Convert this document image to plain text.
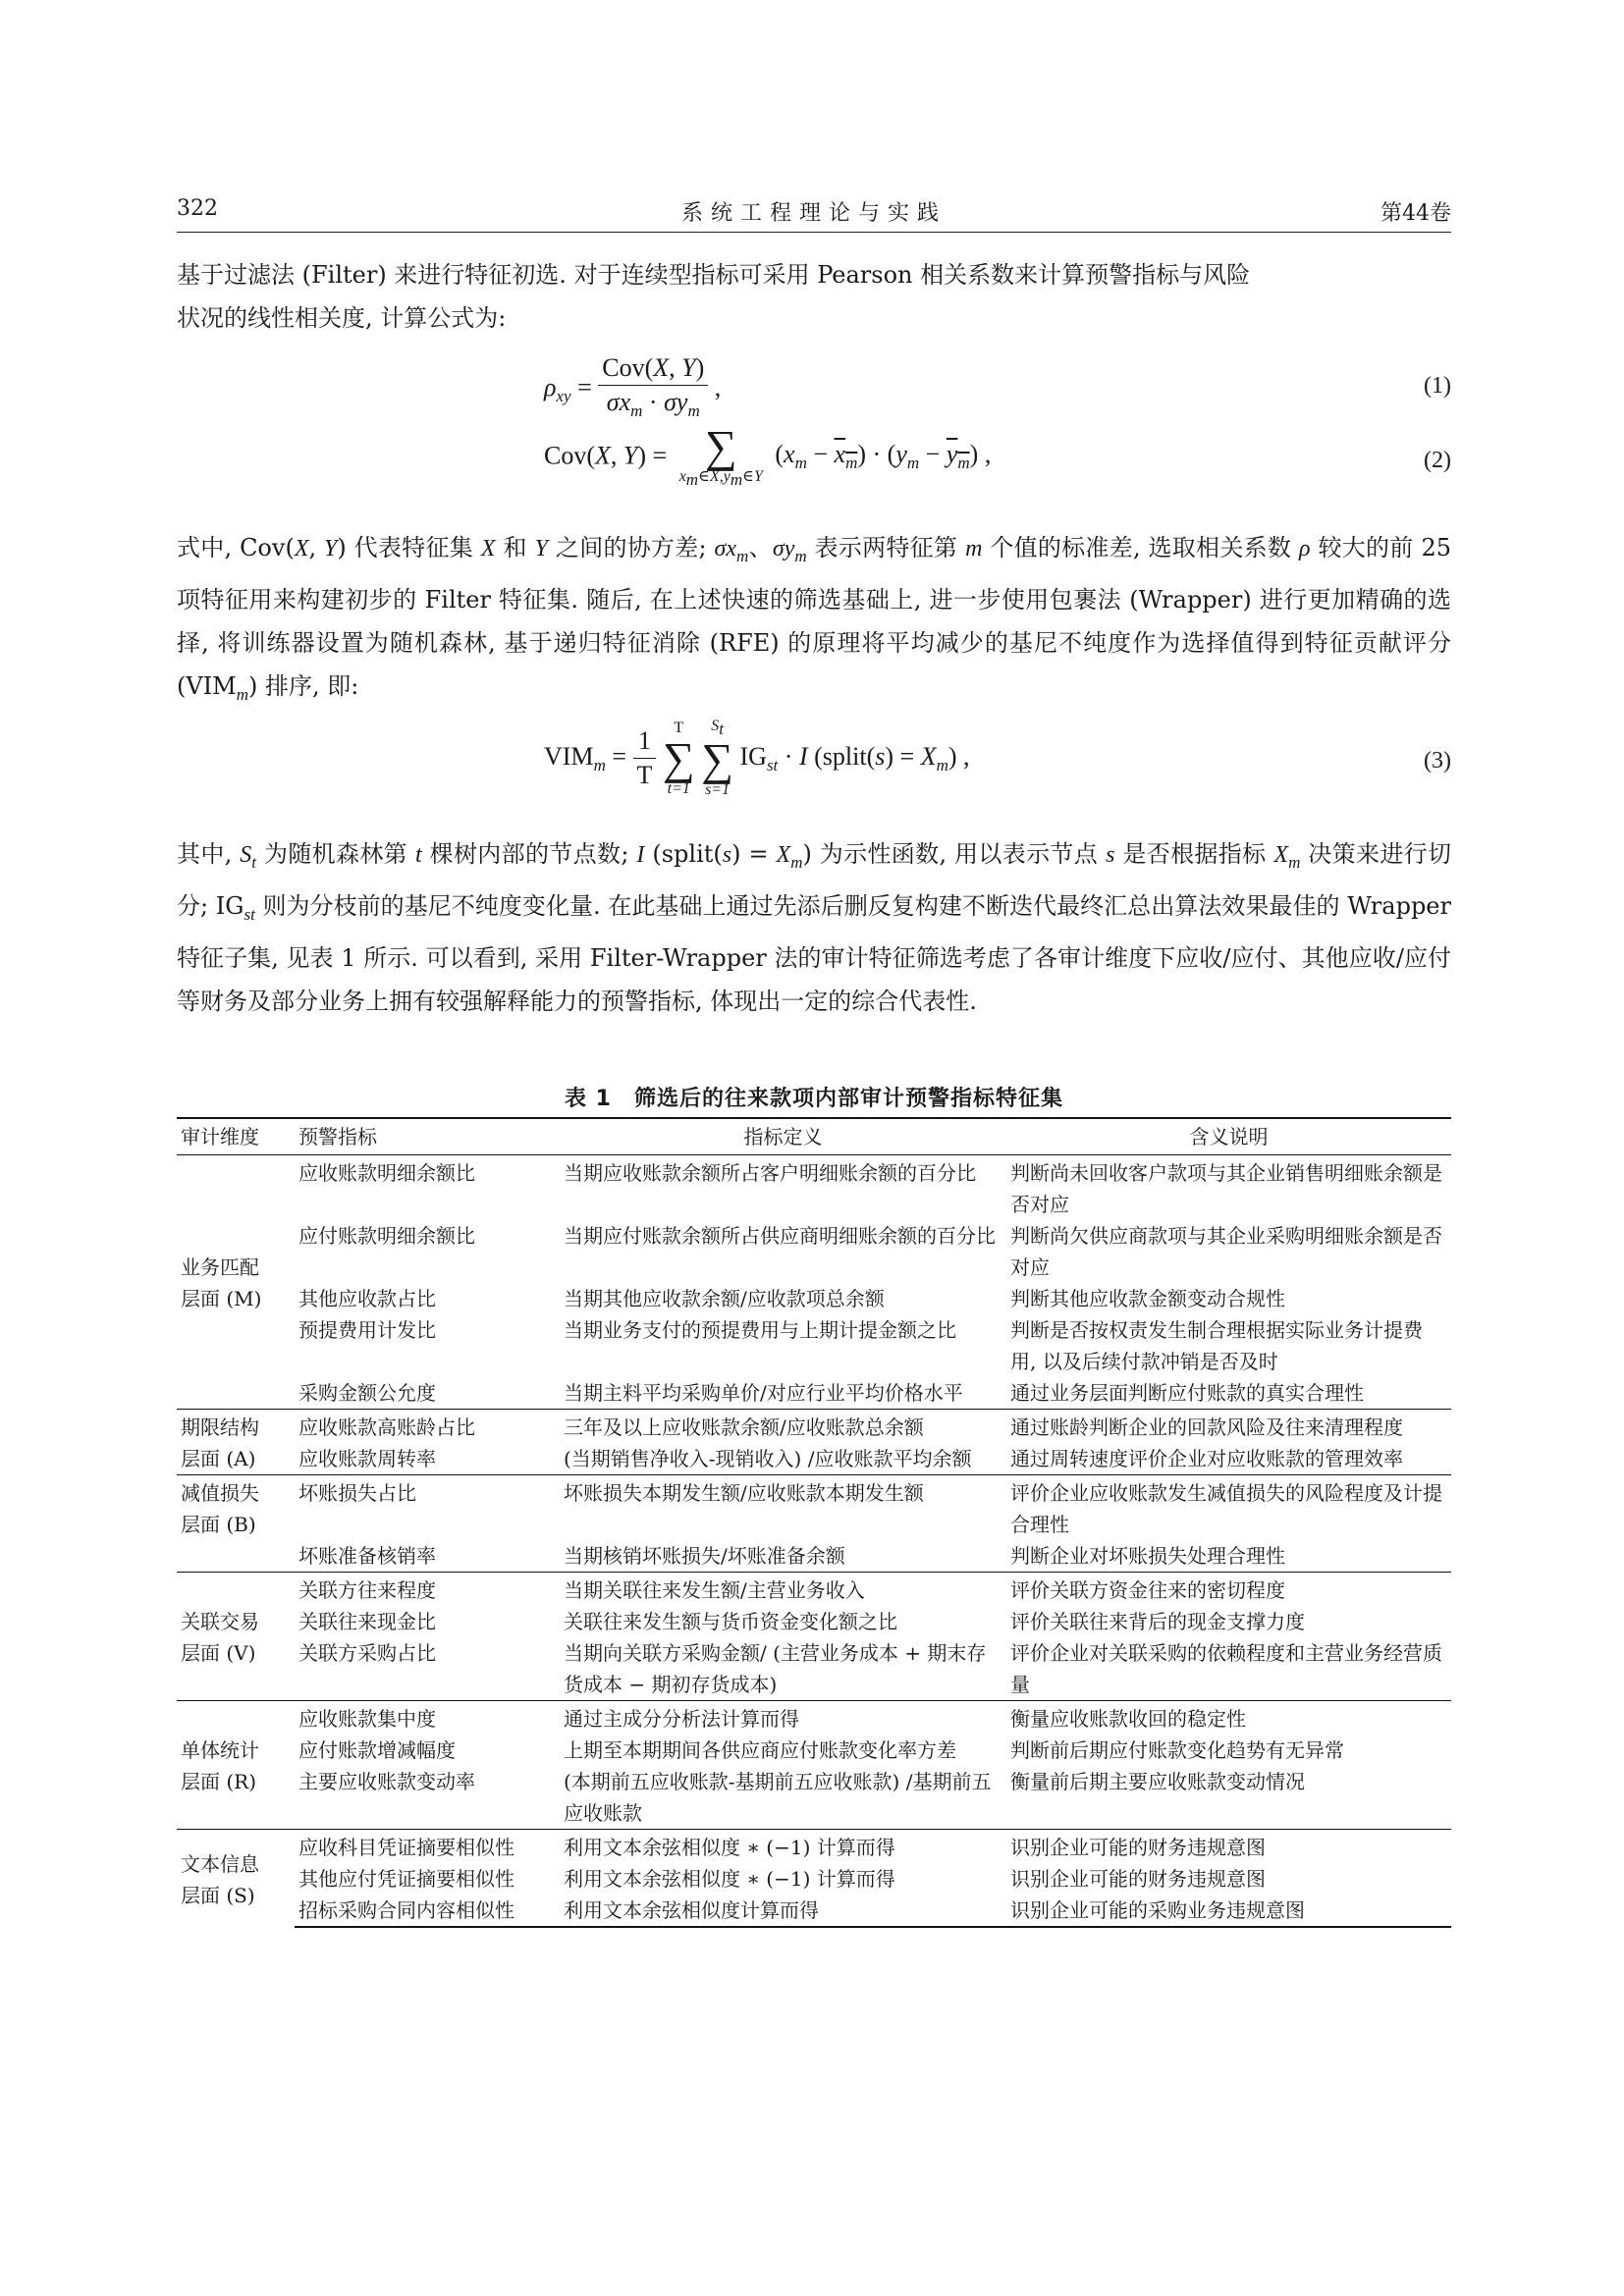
322	系统工程理论与实践	第44卷

基于过滤法 (Filter) 来进行特征初选. 对于连续型指标可采用 Pearson 相关系数来计算预警指标与风险
状况的线性相关度, 计算公式为:

$\rho_{xy} = \frac{\text{Cov(X, Y)}}{\sigma x_m \cdot \sigma y_m}$ ,	(1)
Cov(X, Y) = ∑
$x_m\in X,y_m\in Y$
$(x_m - x_m) \cdot (y_m - y_m)$ ,	(2)

式中, Cov(X, Y) 代表特征集 X 和 Y 之间的协方差; $\sigma x_m$、$\sigma y_m$ 表示两特征第 m 个值的标准差, 选取相关系数 ρ 较大的前 25 项特征用来构建初步的 Filter 特征集. 随后, 在上述快速的筛选基础上, 进一步使用包裹法 (Wrapper) 进行更加精确的选择, 将训练器设置为随机森林, 基于递归特征消除 (RFE) 的原理将平均减少的基尼不纯度作为选择值得到特征贡献评分 $(VIM_m)$ 排序, 即:

$VIM_m = \frac{1}{T}$
	T
∑
t=1

$S_t$
∑
s=1
$IG_{st} \cdot I$ (split(s) = $X_m$) ,	(3)

其中, $S_t$ 为随机森林第 t 棵树内部的节点数; I (split(s) = $X_m$) 为示性函数, 用以表示节点 s 是否根据指标 $X_m$ 决策来进行切分; $IG_{st}$ 则为分枝前的基尼不纯度变化量. 在此基础上通过先添后删反复构建不断迭代最终汇总出算法效果最佳的 Wrapper 特征子集, 见表 1 所示. 可以看到, 采用 Filter-Wrapper 法的审计特征筛选考虑了各审计维度下应收/应付、其他应收/应付等财务及部分业务上拥有较强解释能力的预警指标, 体现出一定的综合代表性.

表 1　筛选后的往来款项内部审计预警指标特征集
审计维度	预警指标	指标定义	含义说明
业务匹配
层面 (M)	应收账款明细余额比	当期应收账款余额所占客户明细账余额的百分比	判断尚未回收客户款项与其企业销售明细账余额是否对应
	应付账款明细余额比	当期应付账款余额所占供应商明细账余额的百分比	判断尚欠供应商款项与其企业采购明细账余额是否对应
	其他应收款占比	当期其他应收款余额/应收款项总余额	判断其他应收款金额变动合规性
	预提费用计发比	当期业务支付的预提费用与上期计提金额之比	判断是否按权责发生制合理根据实际业务计提费用, 以及后续付款冲销是否及时
	采购金额公允度	当期主料平均采购单价/对应行业平均价格水平	通过业务层面判断应付账款的真实合理性
期限结构
层面 (A)	应收账款高账龄占比	三年及以上应收账款余额/应收账款总余额	通过账龄判断企业的回款风险及往来清理程度
	应收账款周转率	(当期销售净收入-现销收入) /应收账款平均余额	通过周转速度评价企业对应收账款的管理效率
减值损失
层面 (B)	坏账损失占比	坏账损失本期发生额/应收账款本期发生额	评价企业应收账款发生减值损失的风险程度及计提合理性
	坏账准备核销率	当期核销坏账损失/坏账准备余额	判断企业对坏账损失处理合理性
关联交易
层面 (V)	关联方往来程度	当期关联往来发生额/主营业务收入	评价关联方资金往来的密切程度
	关联往来现金比	关联往来发生额与货币资金变化额之比	评价关联往来背后的现金支撑力度
	关联方采购占比	当期向关联方采购金额/ (主营业务成本 + 期末存货成本 − 期初存货成本)	评价企业对关联采购的依赖程度和主营业务经营质量
单体统计
层面 (R)	应收账款集中度	通过主成分分析法计算而得	衡量应收账款收回的稳定性
	应付账款增减幅度	上期至本期期间各供应商应付账款变化率方差	判断前后期应付账款变化趋势有无异常
	主要应收账款变动率	(本期前五应收账款-基期前五应收账款) /基期前五应收账款	衡量前后期主要应收账款变动情况
文本信息
层面 (S)	应收科目凭证摘要相似性	利用文本余弦相似度 ∗ (−1) 计算而得	识别企业可能的财务违规意图
	其他应付凭证摘要相似性	利用文本余弦相似度 ∗ (−1) 计算而得	识别企业可能的财务违规意图
	招标采购合同内容相似性	利用文本余弦相似度计算而得	识别企业可能的采购业务违规意图
